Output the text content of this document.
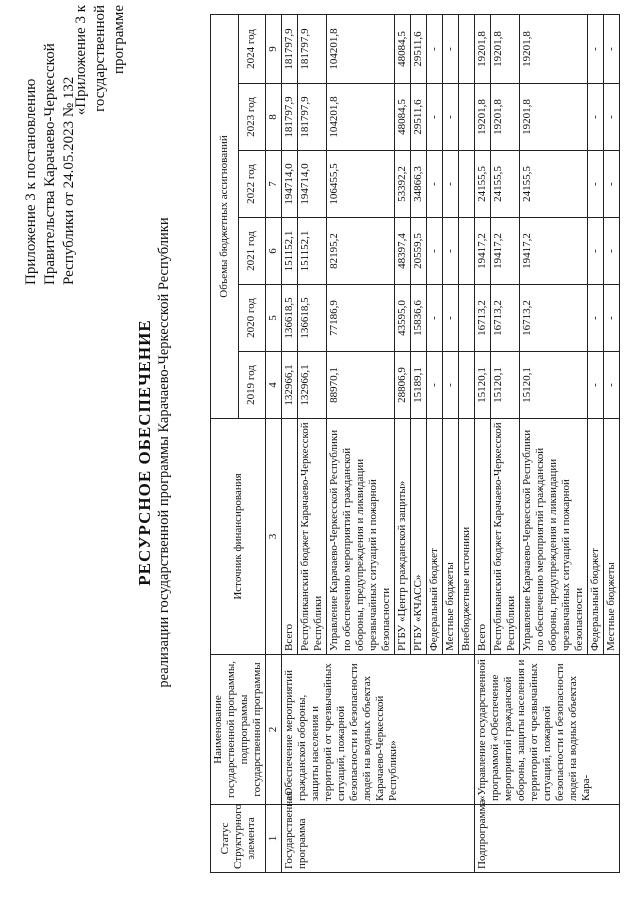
Приложение 3 к постановлению Правительства Карачаево-Черкесской Республики от 24.05.2023 № 132
«Приложение 3 к государственной программе
РЕСУРСНОЕ ОБЕСПЕЧЕНИЕ реализации государственной программы Карачаево-Черкесской Республики
Статус Структурного элемента	Наименование государственной программы, подпрограммы государственной программы	Источник финансирования	Объемы бюджетных ассигнований					
			2019 год	2020 год	2021 год	2022 год	2023 год	2024 год
1	2	3	4	5	6	7	8	9
Государственная программа	«Обеспечение мероприятий гражданской обороны, защиты населения и территорий от чрезвычайных ситуаций, пожарной безопасности и безопасности людей на водных объектах Карачаево-Черкесской Республики»	Всего	132966,1	136618,5	151152,1	194714,0	181797,9	181797,9
		Республиканский бюджет Карачаево-Черкесской Республики	132966,1	136618,5	151152,1	194714,0	181797,9	181797,9
		Управление Карачаево-Черкесской Республики по обеспечению мероприятий гражданской обороны, предупреждения и ликвидации чрезвычайных ситуаций и пожарной безопасности	88970,1	77186,9	82195,2	106455,5	104201,8	104201,8
		РГБУ «Центр гражданской защиты»	28806,9	43595,0	48397,4	53392,2	48084,5	48084,5
		РГБУ «КЧАСС»	15189,1	15836,6	20559,5	34866,3	29511,6	29511,6
		Федеральный бюджет	-	-	-	-	-	-
		Местные бюджеты	-	-	-	-	-	-
		Внебюджетные источники						
Подпрограмма	«Управление государственной программой «Обеспечение мероприятий гражданской обороны, защиты населения и территорий от чрезвычайных ситуаций, пожарной безопасности и безопасности людей на водных объектах Кара-	Всего	15120,1	16713,2	19417,2	24155,5	19201,8	19201,8
		Республиканский бюджет Карачаево-Черкесской Республики	15120,1	16713,2	19417,2	24155,5	19201,8	19201,8
		Управление Карачаево-Черкесской Республики по обеспечению мероприятий гражданской обороны, предупреждения и ликвидации чрезвычайных ситуаций и пожарной безопасности	15120,1	16713,2	19417,2	24155,5	19201,8	19201,8
		Федеральный бюджет	-	-	-	-	-	-
		Местные бюджеты	-	-	-	-	-	-
